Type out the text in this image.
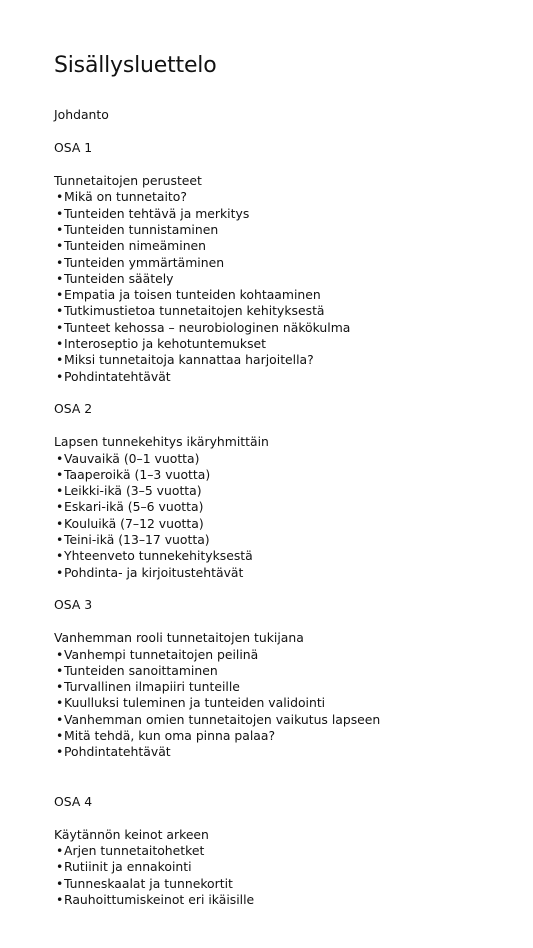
Sisällysluettelo
Johdanto
OSA 1
Tunnetaitojen perusteet
• Mikä on tunnetaito?
• Tunteiden tehtävä ja merkitys
• Tunteiden tunnistaminen
• Tunteiden nimeäminen
• Tunteiden ymmärtäminen
• Tunteiden säätely
• Empatia ja toisen tunteiden kohtaaminen
• Tutkimustietoa tunnetaitojen kehityksestä
• Tunteet kehossa – neurobiologinen näkökulma
• Interoseptio ja kehotuntemukset
• Miksi tunnetaitoja kannattaa harjoitella?
• Pohdintatehtävät
OSA 2
Lapsen tunnekehitys ikäryhmittäin
• Vauvaikä (0–1 vuotta)
• Taaperoikä (1–3 vuotta)
• Leikki-ikä (3–5 vuotta)
• Eskari-ikä (5–6 vuotta)
• Kouluikä (7–12 vuotta)
• Teini-ikä (13–17 vuotta)
• Yhteenveto tunnekehityksestä
• Pohdinta- ja kirjoitustehtävät
OSA 3
Vanhemman rooli tunnetaitojen tukijana
• Vanhempi tunnetaitojen peilinä
• Tunteiden sanoittaminen
• Turvallinen ilmapiiri tunteille
• Kuulluksi tuleminen ja tunteiden validointi
• Vanhemman omien tunnetaitojen vaikutus lapseen
• Mitä tehdä, kun oma pinna palaa?
• Pohdintatehtävät
OSA 4
Käytännön keinot arkeen
• Arjen tunnetaitohetket
• Rutiinit ja ennakointi
• Tunneskaalat ja tunnekortit
• Rauhoittumiskeinot eri ikäisille
